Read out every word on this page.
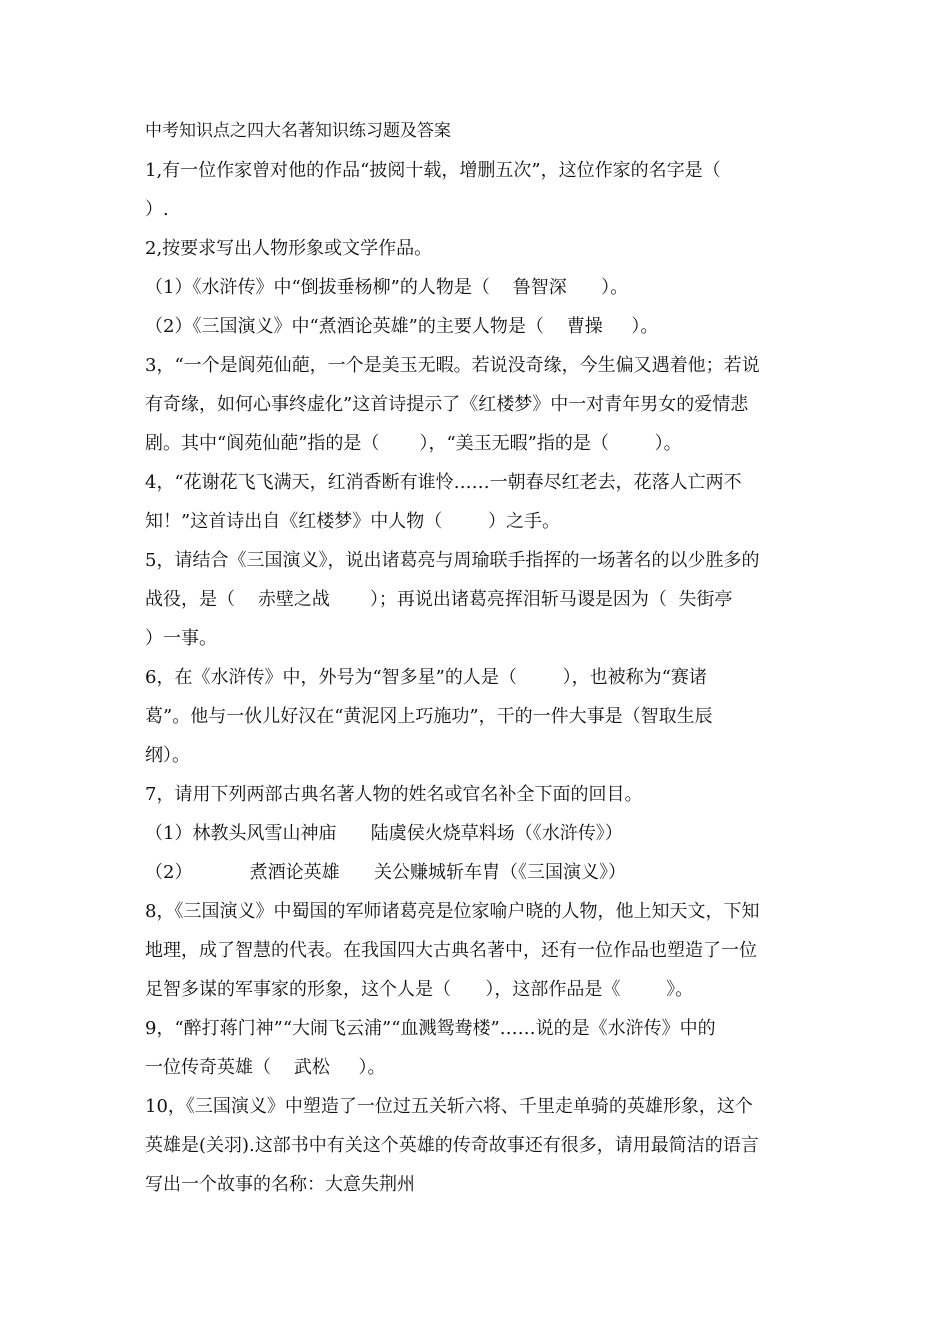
中考知识点之四大名著知识练习题及答案
1,有一位作家曾对他的作品“披阅十载，增删五次”，这位作家的名字是（
）.
2,按要求写出人物形象或文学作品。
（1）《水浒传》中“倒拔垂杨柳”的人物是（    鲁智深      ）。
（2）《三国演义》中“煮酒论英雄”的主要人物是（    曹操     ）。
3，“一个是阆苑仙葩，一个是美玉无暇。若说没奇缘，今生偏又遇着他；若说
有奇缘，如何心事终虚化”这首诗提示了《红楼梦》中一对青年男女的爱情悲
剧。其中“阆苑仙葩”指的是（       ），“美玉无暇”指的是（        ）。
4，“花谢花飞飞满天，红消香断有谁怜……一朝春尽红老去，花落人亡两不
知！”这首诗出自《红楼梦》中人物（        ）之手。
5，请结合《三国演义》，说出诸葛亮与周瑜联手指挥的一场著名的以少胜多的
战役，是（    赤壁之战       ）；再说出诸葛亮挥泪斩马谡是因为（  失街亭
）一事。
6，在《水浒传》中，外号为“智多星”的人是（        ），也被称为“赛诸
葛”。他与一伙儿好汉在“黄泥冈上巧施功”，干的一件大事是（智取生辰
纲）。
7，请用下列两部古典名著人物的姓名或官名补全下面的回目。
（1）林教头风雪山神庙      陆虞侯火烧草料场（《水浒传》）
（2）          煮酒论英雄      关公赚城斩车胄（《三国演义》）
8，《三国演义》中蜀国的军师诸葛亮是位家喻户晓的人物，他上知天文，下知
地理，成了智慧的代表。在我国四大古典名著中，还有一位作品也塑造了一位
足智多谋的军事家的形象，这个人是（      ），这部作品是《        》。
9，“醉打蒋门神”“大闹飞云浦”“血溅鸳鸯楼”……说的是《水浒传》中的
一位传奇英雄（    武松     ）。
10，《三国演义》中塑造了一位过五关斩六将、千里走单骑的英雄形象，这个
英雄是(关羽).这部书中有关这个英雄的传奇故事还有很多，请用最简洁的语言
写出一个故事的名称：大意失荆州
